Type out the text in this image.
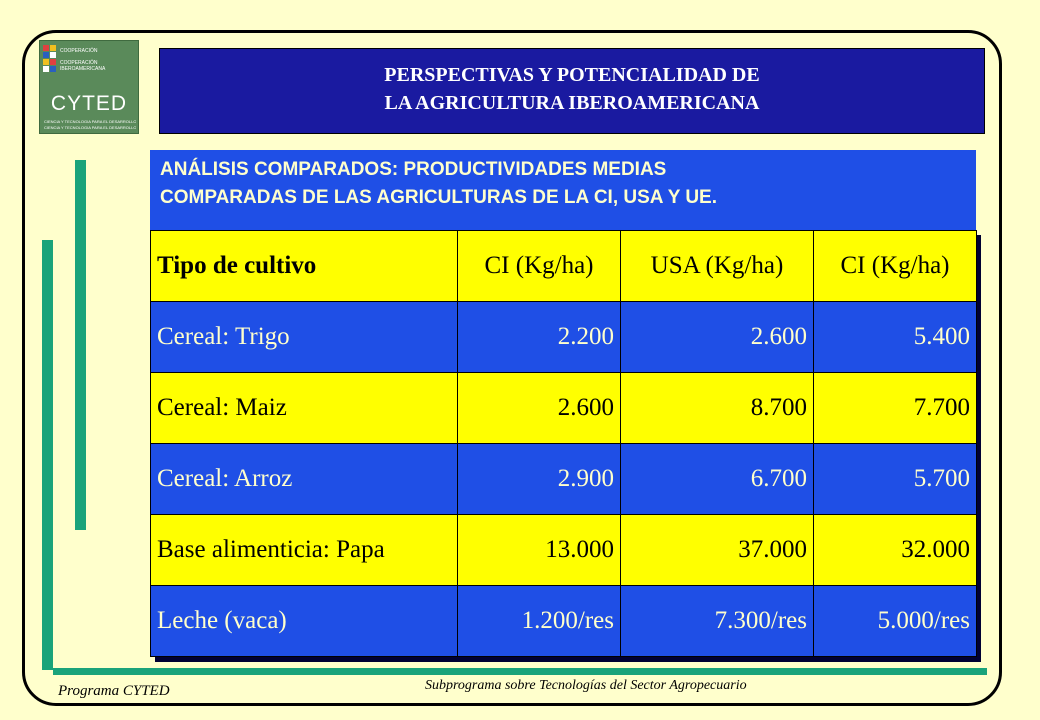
COOPERACIÓN
COOPERACIÓN IBEROAMERICANA
CYTED
CIENCIA Y TECNOLOGIA PARA EL DESARROLLO
CIENCIA Y TECNOLOGIA PARA EL DESARROLLO
PERSPECTIVAS Y POTENCIALIDAD DE
LA AGRICULTURA IBEROAMERICANA
ANÁLISIS COMPARADOS: PRODUCTIVIDADES MEDIAS
COMPARADAS DE LAS AGRICULTURAS DE LA CI, USA Y UE.
Tipo de cultivo	CI (Kg/ha)	USA (Kg/ha)	CI (Kg/ha)
Cereal: Trigo	2.200	2.600	5.400
Cereal: Maiz	2.600	8.700	7.700
Cereal: Arroz	2.900	6.700	5.700
Base alimenticia: Papa	13.000	37.000	32.000
Leche (vaca)	1.200/res	7.300/res	5.000/res
Programa CYTED	Subprograma sobre Tecnologías del Sector Agropecuario
